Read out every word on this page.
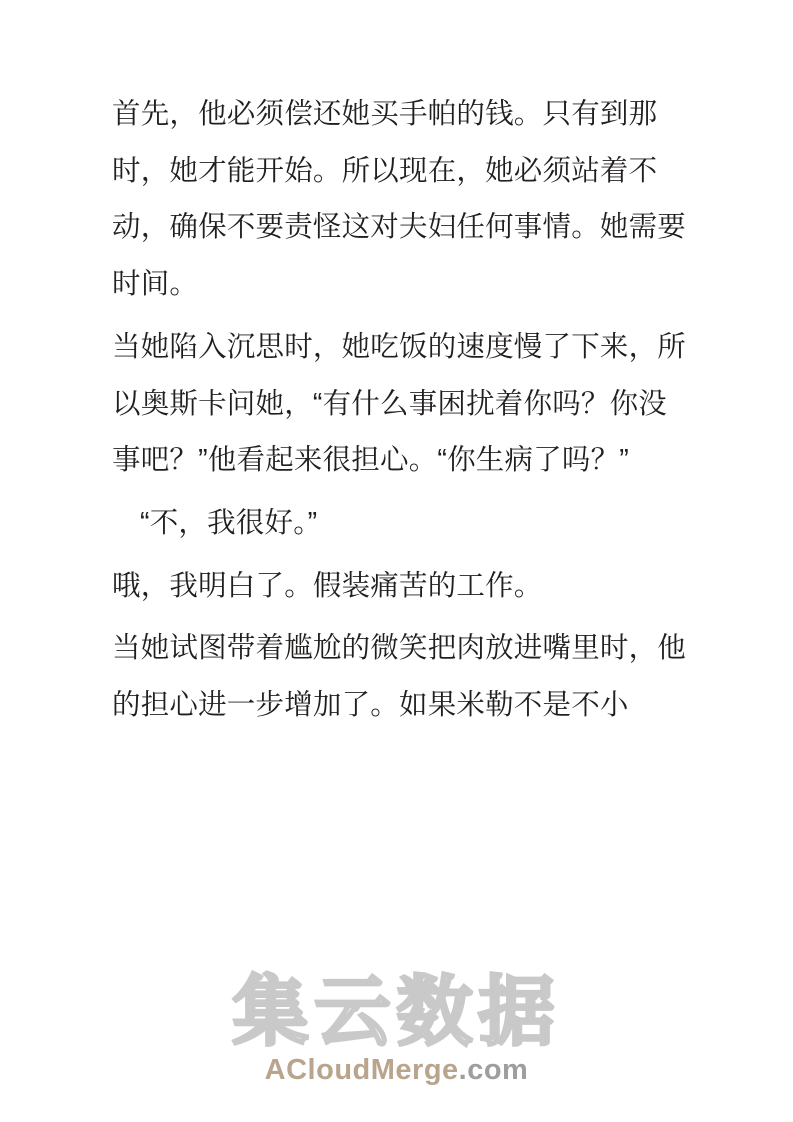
首先，他必须偿还她买手帕的钱。只有到那时，她才能开始。所以现在，她必须站着不动，确保不要责怪这对夫妇任何事情。她需要时间。

当她陷入沉思时，她吃饭的速度慢了下来，所以奥斯卡问她，“有什么事困扰着你吗？你没 事吧？”他看起来很担心。“你生病了吗？”

“不，我很好。”

哦，我明白了。假装痛苦的工作。

当她试图带着尴尬的微笑把肉放进嘴里时，他的担心进一步增加了。如果米勒不是不小

集云数据
ACloudMerge.com
